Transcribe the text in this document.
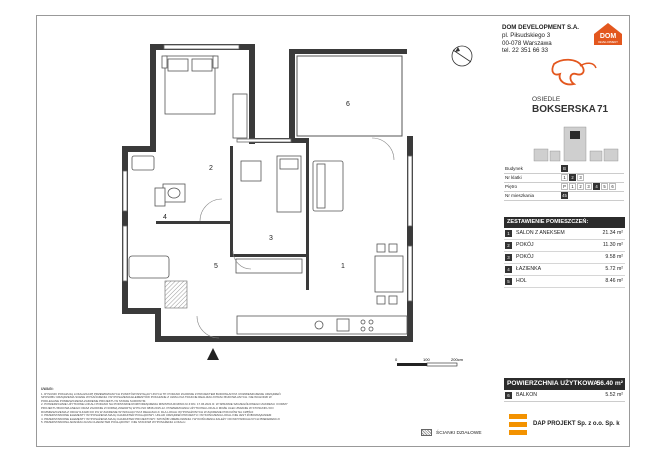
2
4
5
3
1
6
0	100	200cm
DOM DEVELOPMENT S.A.
pl. Piłsudskiego 3
00-078 Warszawa
tel. 22 351 66 33
DOM
DEVELOPMENT
OSIEDLE
BOKSERSKA 71
Budynek	B
Nr klatki	1	2	3
Piętro	P	1	2	3	4	5	6
Nr mieszkania	45
ZESTAWIENIE POMIESZCZEŃ:
1	SALON Z ANEKSEM	21.34 m²
2	POKÓJ	11.30 m²
3	POKÓJ	9.58 m²
4	ŁAZIENKA	5.72 m²
5	HOL	8.46 m²
POWIERZCHNIA UŻYTKOWA:
56.40 m²
6	BALKON	5.52 m²
DAP PROJEKT Sp. z o.o. Sp. k
UWAGI:
1. RYSUNKI POKAZUJĄ LOKALIZACJĘ PRZEWIDZIANYCH PUNKTÓW INSTALACYJNYCH TP. PODANO ZGODNIE Z PROJEKTEM BUDOWLANYM. ROZMIESZCZENIE URZĄDZEŃ
SPOSOBU URZĄDZENIA SCENE WYKAŃCZENIA I WYPOSAŻENIA ELEMENTÓW POKAZANE Z UWAGI NA TRAKCIE REALIZACJI PRAC BUDOWLANYCH. NIE WCHODZI W
PODLEGANE POMIESZCZENIA ZAKRESIE PROJEKTU W STANIE SUROWYM.
2. POWIERZCHNIE UŻYTKOWE LOKALI PODANO NA PODSTAWIE ROZPORZĄDZENIA MINISTRA ROZWOJU Z DN. 17.06.2021 R. W SPRAWIE SZCZEGÓŁOWEGO ZAKRESU I FORMY
PROJEKTU BUDOWLANEGO ORAZ ZGODNIE Z NORMĄ ZAWARTĄ W PN-ISO 9836:2015-12. POWIERZCHNIA UŻYTKOWA LOKALU MOŻE ULEC ZMIANIE W STOSUNKU DO
ROZMIESZCZENIA Z ODCHYŁKAMI DO 3% W ZAKRESIE WYNIKAJĄCYM Z REALIZACJI. DLA LOKALI WYPOSAŻONYCH W ZAKRESIE POKOJÓW NA CZĘŚCI
3. PRZEDSTAWIONE ELEMENTY WYPOSAŻENIA MAJĄ CHARAKTER POGLĄDOWY. UKŁAD URZĄDZEŃ PROJEKTU I WYKOŃCZENIA LOKALI NIE JEST ZOBOWIĄZANIEM
4. PRZEDSTAWIONE ELEMENTY WYPOSAŻENIA MAJĄ CHARAKTER PROJEKTOWY. SPOSÓB UMEBLOWANIA I WYKOŃCZENIA ZALEŻY OD INDYWIDUALNYCH PREFERENCJI
5. PRZEDSTAWIONA ARANŻACJA MA CHARAKTER POGLĄDOWY I NIE STANOWI WYPOSAŻENIA LOKALU.
ŚCIANKI DZIAŁOWE
